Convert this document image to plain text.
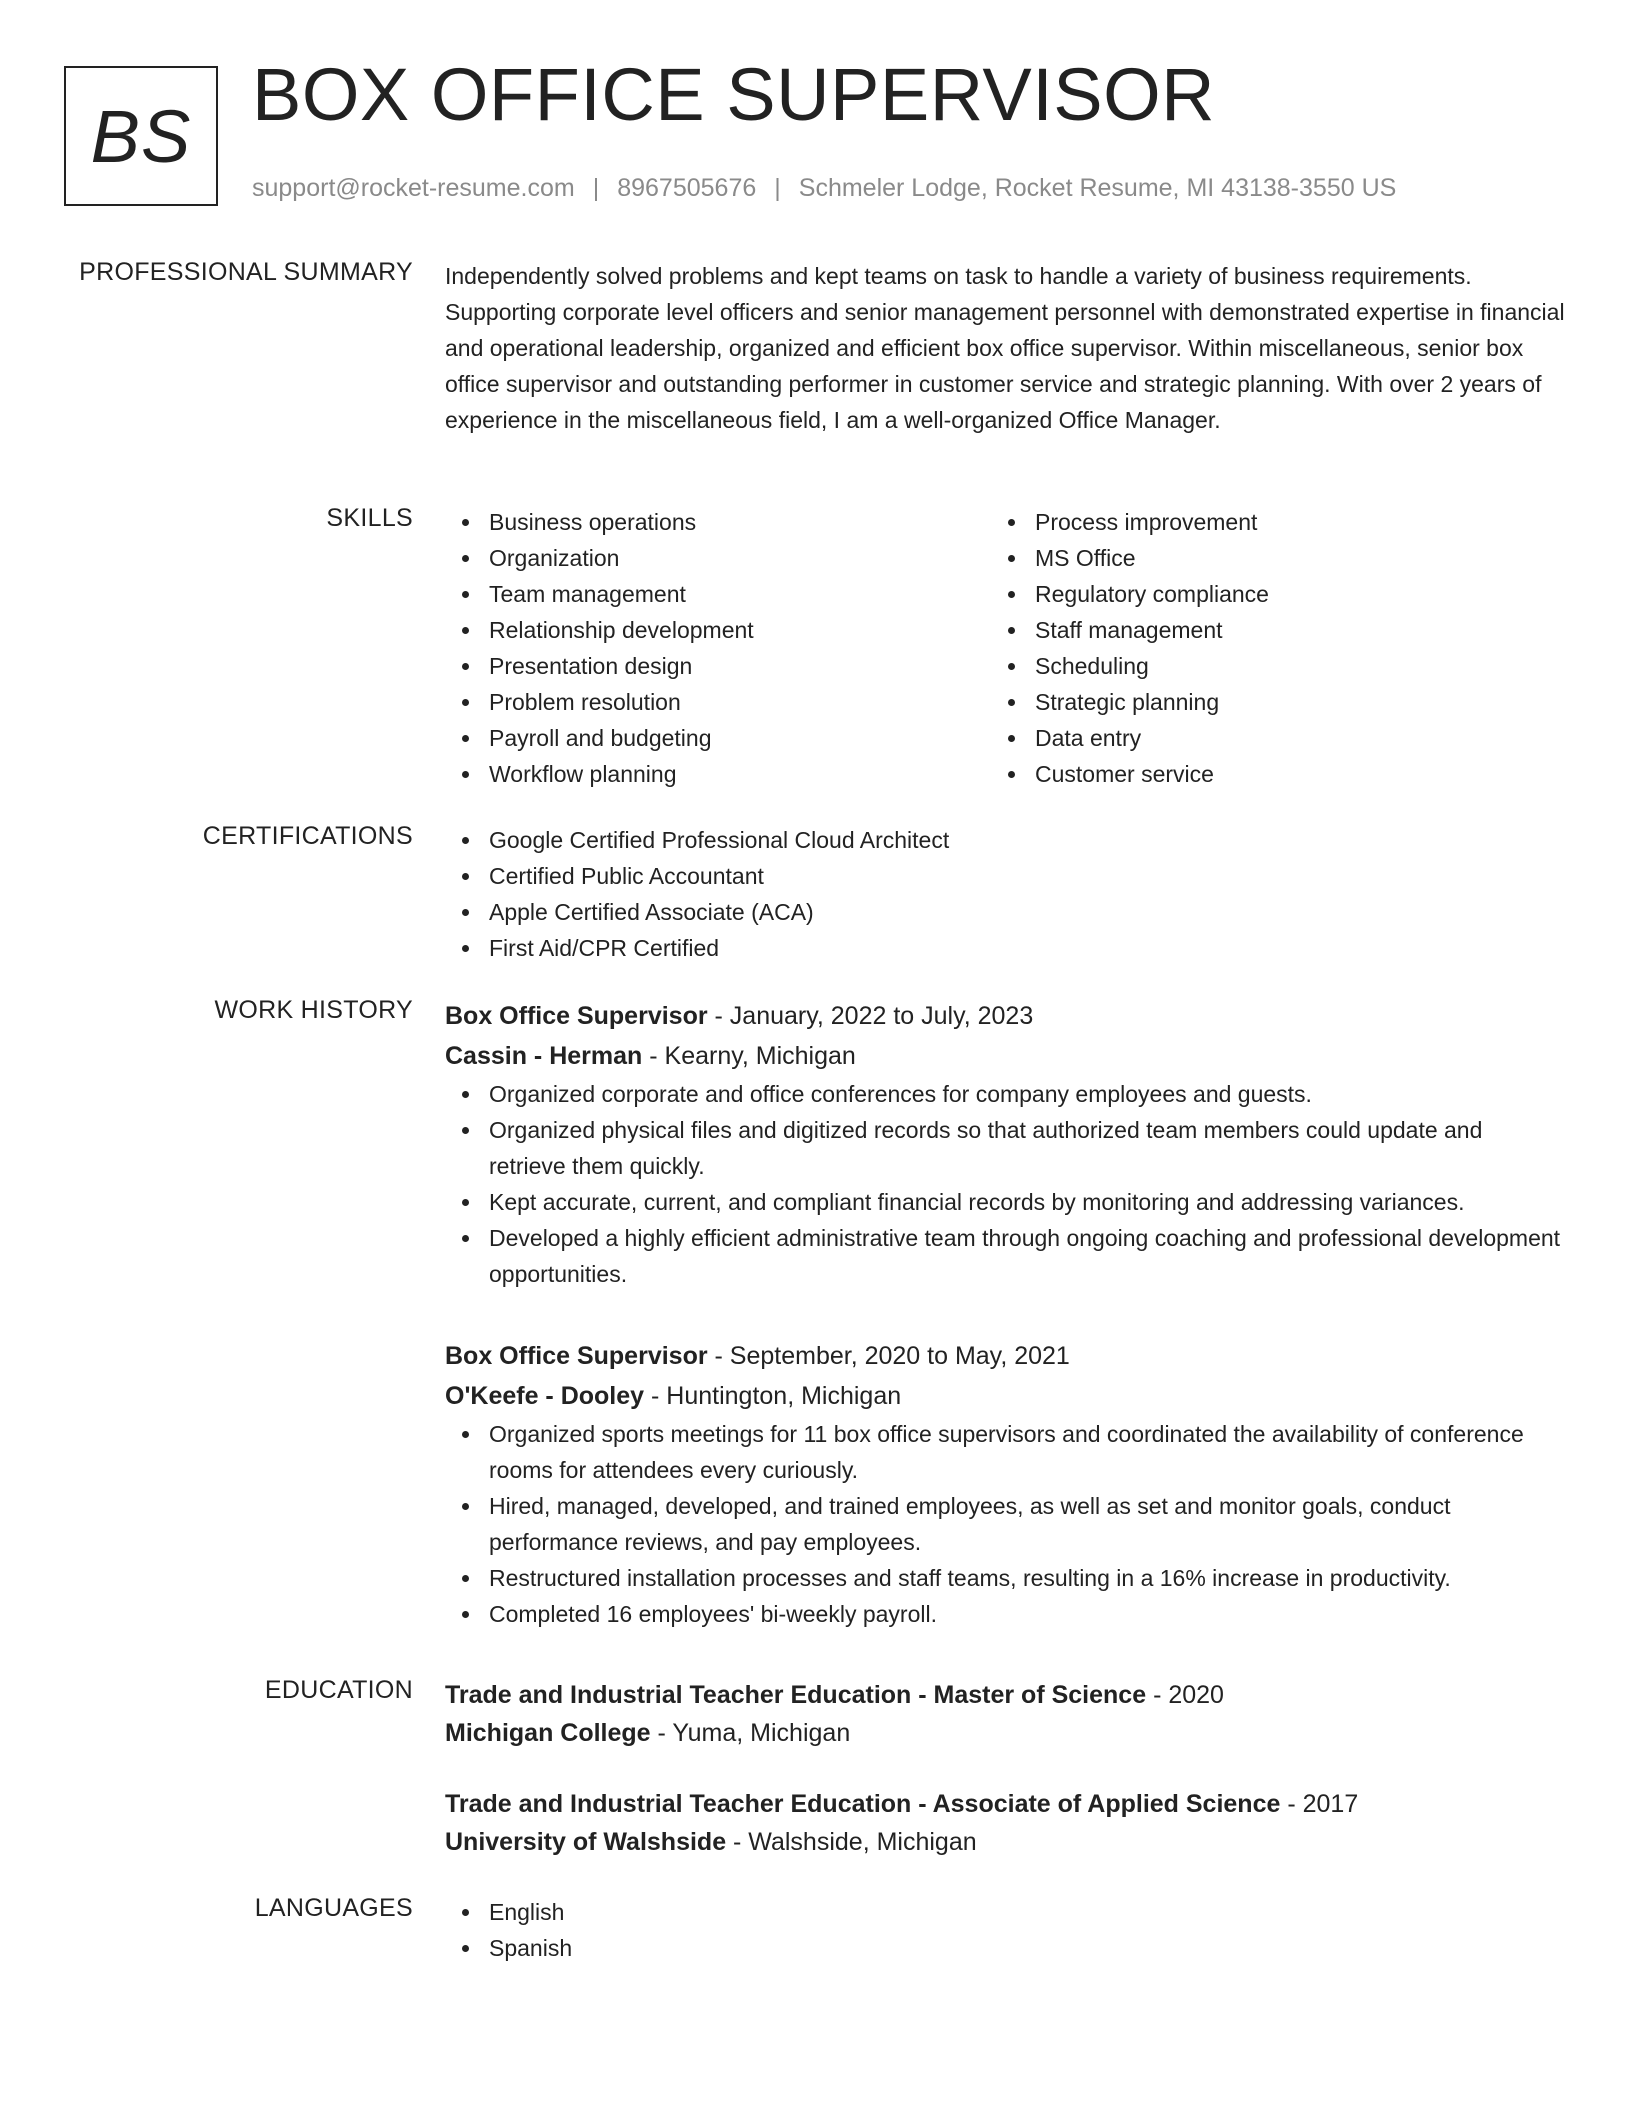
BS BOX OFFICE SUPERVISOR
support@rocket-resume.com | 8967505676 | Schmeler Lodge, Rocket Resume, MI 43138-3550 US
PROFESSIONAL SUMMARY Independently solved problems and kept teams on task to handle a variety of business requirements. Supporting corporate level officers and senior management personnel with demonstrated expertise in financial and operational leadership, organized and efficient box office supervisor. Within miscellaneous, senior box office supervisor and outstanding performer in customer service and strategic planning. With over 2 years of experience in the miscellaneous field, I am a well-organized Office Manager.

SKILLS	Business operations
Organization
Team management
Relationship development
Presentation design
Problem resolution
Payroll and budgeting
Workflow planning
Process improvement
MS Office
Regulatory compliance
Staff management
Scheduling
Strategic planning
Data entry
Customer service
CERTIFICATIONS	Google Certified Professional Cloud Architect
Certified Public Accountant
Apple Certified Associate (ACA)
First Aid/CPR Certified
WORK HISTORY Box Office Supervisor - January, 2022 to July, 2023
Cassin - Herman - Kearny, Michigan
Organized corporate and office conferences for company employees and guests.
Organized physical files and digitized records so that authorized team members could update and retrieve them quickly.
Kept accurate, current, and compliant financial records by monitoring and addressing variances.
Developed a highly efficient administrative team through ongoing coaching and professional development opportunities.
Box Office Supervisor - September, 2020 to May, 2021
O'Keefe - Dooley - Huntington, Michigan
Organized sports meetings for 11 box office supervisors and coordinated the availability of conference rooms for attendees every curiously.
Hired, managed, developed, and trained employees, as well as set and monitor goals, conduct performance reviews, and pay employees.
Restructured installation processes and staff teams, resulting in a 16% increase in productivity.
Completed 16 employees' bi-weekly payroll.
EDUCATION Trade and Industrial Teacher Education - Master of Science - 2020
Michigan College - Yuma, Michigan
Trade and Industrial Teacher Education - Associate of Applied Science - 2017
University of Walshside - Walshside, Michigan
LANGUAGES	English
Spanish
